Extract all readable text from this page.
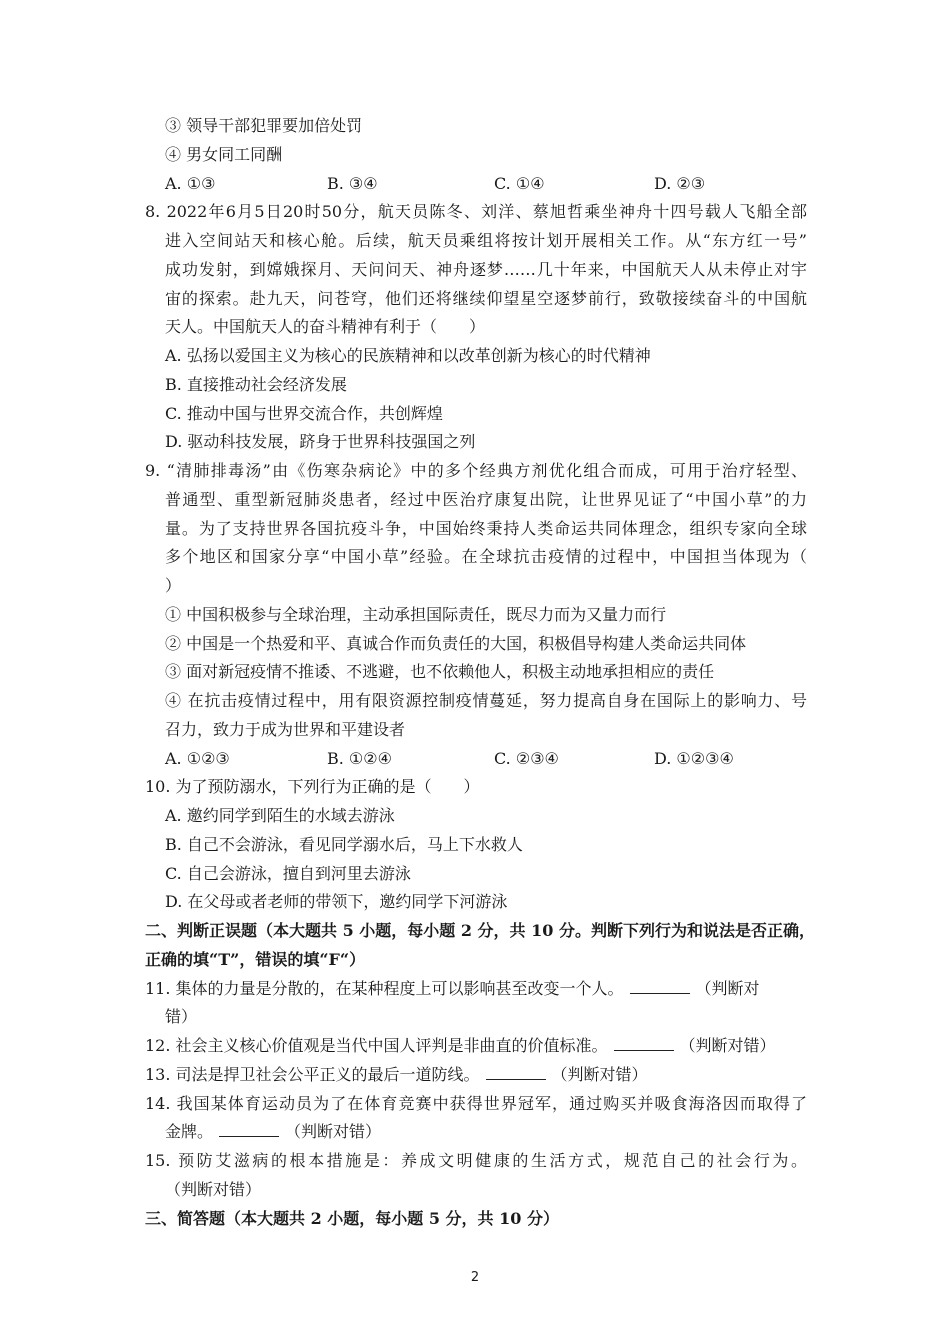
③ 领导干部犯罪要加倍处罚
④ 男女同工同酬
A. ①③	B. ③④	C. ①④	D. ②③
8. 2022年6月5日20时50分，航天员陈冬、刘洋、蔡旭哲乘坐神舟十四号载人飞船全部
进入空间站天和核心舱。后续，航天员乘组将按计划开展相关工作。从“东方红一号”
成功发射，到嫦娥探月、天问问天、神舟逐梦……几十年来，中国航天人从未停止对宇
宙的探索。赴九天，问苍穹，他们还将继续仰望星空逐梦前行，致敬接续奋斗的中国航
天人。中国航天人的奋斗精神有利于（　　）
A. 弘扬以爱国主义为核心的民族精神和以改革创新为核心的时代精神
B. 直接推动社会经济发展
C. 推动中国与世界交流合作，共创辉煌
D. 驱动科技发展，跻身于世界科技强国之列
9. “清肺排毒汤”由《伤寒杂病论》中的多个经典方剂优化组合而成，可用于治疗轻型、
普通型、重型新冠肺炎患者，经过中医治疗康复出院，让世界见证了“中国小草”的力
量。为了支持世界各国抗疫斗争，中国始终秉持人类命运共同体理念，组织专家向全球
多个地区和国家分享“中国小草”经验。在全球抗击疫情的过程中，中国担当体现为（
）
① 中国积极参与全球治理，主动承担国际责任，既尽力而为又量力而行
② 中国是一个热爱和平、真诚合作而负责任的大国，积极倡导构建人类命运共同体
③ 面对新冠疫情不推诿、不逃避，也不依赖他人，积极主动地承担相应的责任
④ 在抗击疫情过程中，用有限资源控制疫情蔓延，努力提高自身在国际上的影响力、号
召力，致力于成为世界和平建设者
A. ①②③	B. ①②④	C. ②③④	D. ①②③④
10. 为了预防溺水，下列行为正确的是（　　）
A. 邀约同学到陌生的水域去游泳
B. 自己不会游泳，看见同学溺水后，马上下水救人
C. 自己会游泳，擅自到河里去游泳
D. 在父母或者老师的带领下，邀约同学下河游泳
二、判断正误题（本大题共 5 小题，每小题 2 分，共 10 分。判断下列行为和说法是否正确，
正确的填“T”，错误的填“F“）
11. 集体的力量是分散的，在某种程度上可以影响甚至改变一个人。	（判断对
错）
12. 社会主义核心价值观是当代中国人评判是非曲直的价值标准。	（判断对错）
13. 司法是捍卫社会公平正义的最后一道防线。	（判断对错）
14. 我国某体育运动员为了在体育竞赛中获得世界冠军，通过购买并吸食海洛因而取得了
金牌。	（判断对错）
15. 预防艾滋病的根本措施是：养成文明健康的生活方式，规范自己的社会行为。
（判断对错）
三、简答题（本大题共 2 小题，每小题 5 分，共 10 分）
2
